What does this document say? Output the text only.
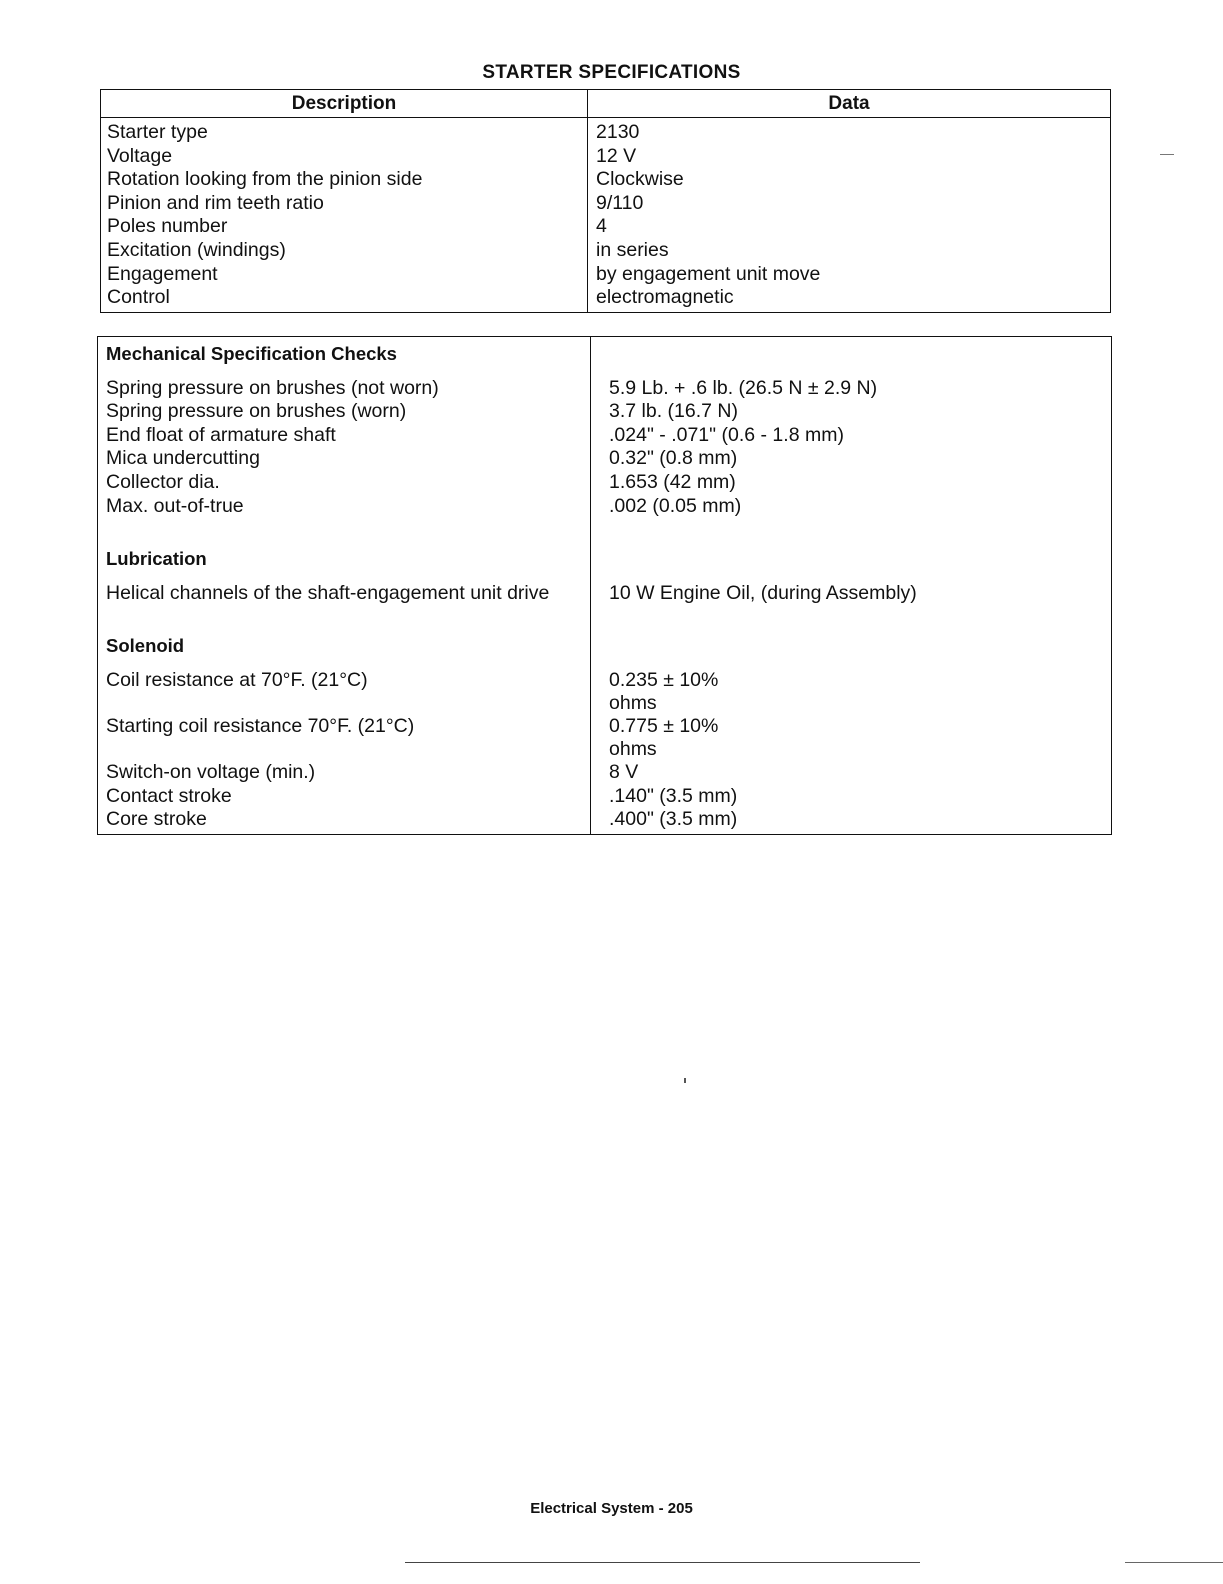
STARTER SPECIFICATIONS
Description	Data
Starter type	2130
Voltage	12 V
Rotation looking from the pinion side	Clockwise
Pinion and rim teeth ratio	9/110
Poles number	4
Excitation (windings)	in series
Engagement	by engagement unit move
Control	electromagnetic
Mechanical Specification Checks	
Spring pressure on brushes (not worn)	5.9 Lb. + .6 lb. (26.5 N ± 2.9 N)
Spring pressure on brushes (worn)	3.7 lb. (16.7 N)
End float of armature shaft	.024" - .071" (0.6 - 1.8 mm)
Mica undercutting	0.32" (0.8 mm)
Collector dia.	1.653 (42 mm)
Max. out-of-true	.002 (0.05 mm)

Lubrication	
Helical channels of the shaft-engagement unit drive	10 W Engine Oil, (during Assembly)

Solenoid	
Coil resistance at 70°F. (21°C)	0.235 ± 10%
ohms
Starting coil resistance 70°F. (21°C)	0.775 ± 10%
ohms
Switch-on voltage (min.)	8 V
Contact stroke	.140" (3.5 mm)
Core stroke	.400" (3.5 mm)
Electrical System - 205
